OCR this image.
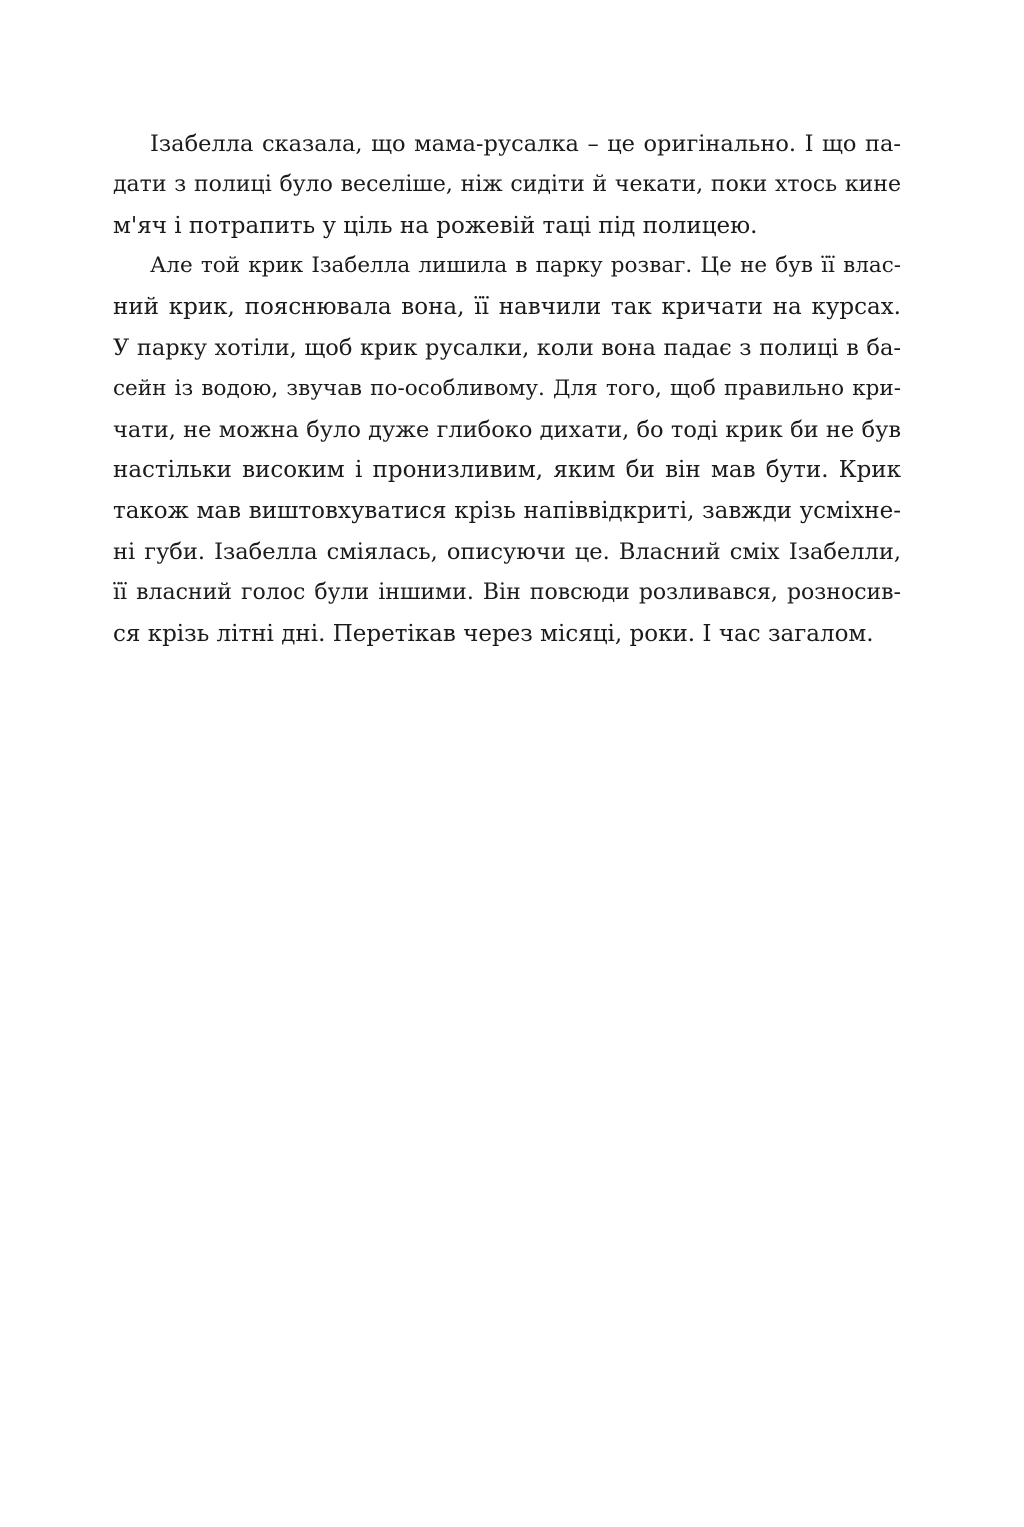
Ізабелла сказала, що мама-русалка – це оригінально. І що па-
дати з полиці було веселіше, ніж сидіти й чекати, поки хтось кине
м'яч і потрапить у ціль на рожевій таці під полицею.
Але той крик Ізабелла лишила в парку розваг. Це не був її влас-
ний крик, пояснювала вона, її навчили так кричати на курсах.
У парку хотіли, щоб крик русалки, коли вона падає з полиці в ба-
сейн із водою, звучав по-особливому. Для того, щоб правильно кри-
чати, не можна було дуже глибоко дихати, бо тоді крик би не був
настільки високим і пронизливим, яким би він мав бути. Крик
також мав виштовхуватися крізь напіввідкриті, завжди усміхне-
ні губи. Ізабелла сміялась, описуючи це. Власний сміх Ізабелли,
її власний голос були іншими. Він повсюди розливався, розносив-
ся крізь літні дні. Перетікав через місяці, роки. І час загалом.
